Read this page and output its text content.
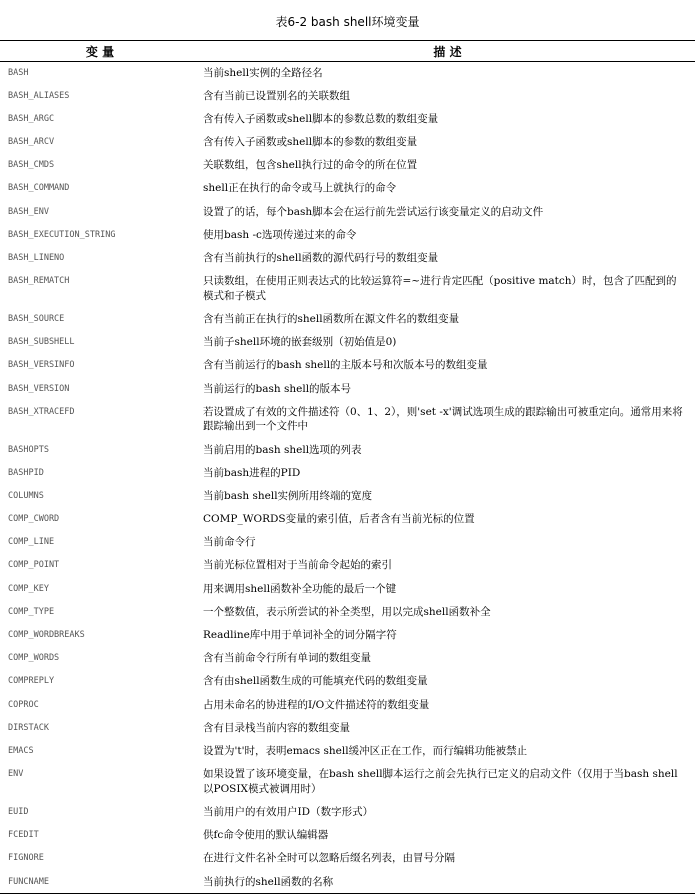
表6-2 bash shell环境变量
变 量	描 述
BASH	当前shell实例的全路径名
BASH_ALIASES	含有当前已设置别名的关联数组
BASH_ARGC	含有传入子函数或shell脚本的参数总数的数组变量
BASH_ARCV	含有传入子函数或shell脚本的参数的数组变量
BASH_CMDS	关联数组，包含shell执行过的命令的所在位置
BASH_COMMAND	shell正在执行的命令或马上就执行的命令
BASH_ENV	设置了的话，每个bash脚本会在运行前先尝试运行该变量定义的启动文件
BASH_EXECUTION_STRING	使用bash -c选项传递过来的命令
BASH_LINENO	含有当前执行的shell函数的源代码行号的数组变量
BASH_REMATCH	只读数组，在使用正则表达式的比较运算符=~进行肯定匹配（positive match）时，包含了匹配到的模式和子模式
BASH_SOURCE	含有当前正在执行的shell函数所在源文件名的数组变量
BASH_SUBSHELL	当前子shell环境的嵌套级别（初始值是0)
BASH_VERSINFO	含有当前运行的bash shell的主版本号和次版本号的数组变量
BASH_VERSION	当前运行的bash shell的版本号
BASH_XTRACEFD	若设置成了有效的文件描述符（0、1、2），则'set -x'调试选项生成的跟踪输出可被重定向。通常用来将跟踪输出到一个文件中
BASHOPTS	当前启用的bash shell选项的列表
BASHPID	当前bash进程的PID
COLUMNS	当前bash shell实例所用终端的宽度
COMP_CWORD	COMP_WORDS变量的索引值，后者含有当前光标的位置
COMP_LINE	当前命令行
COMP_POINT	当前光标位置相对于当前命令起始的索引
COMP_KEY	用来调用shell函数补全功能的最后一个键
COMP_TYPE	一个整数值，表示所尝试的补全类型，用以完成shell函数补全
COMP_WORDBREAKS	Readline库中用于单词补全的词分隔字符
COMP_WORDS	含有当前命令行所有单词的数组变量
COMPREPLY	含有由shell函数生成的可能填充代码的数组变量
COPROC	占用未命名的协进程的I/O文件描述符的数组变量
DIRSTACK	含有目录栈当前内容的数组变量
EMACS	设置为't'时，表明emacs shell缓冲区正在工作，而行编辑功能被禁止
ENV	如果设置了该环境变量，在bash shell脚本运行之前会先执行已定义的启动文件（仅用于当bash shell以POSIX模式被调用时）
EUID	当前用户的有效用户ID（数字形式）
FCEDIT	供fc命令使用的默认编辑器
FIGNORE	在进行文件名补全时可以忽略后缀名列表，由冒号分隔
FUNCNAME	当前执行的shell函数的名称
